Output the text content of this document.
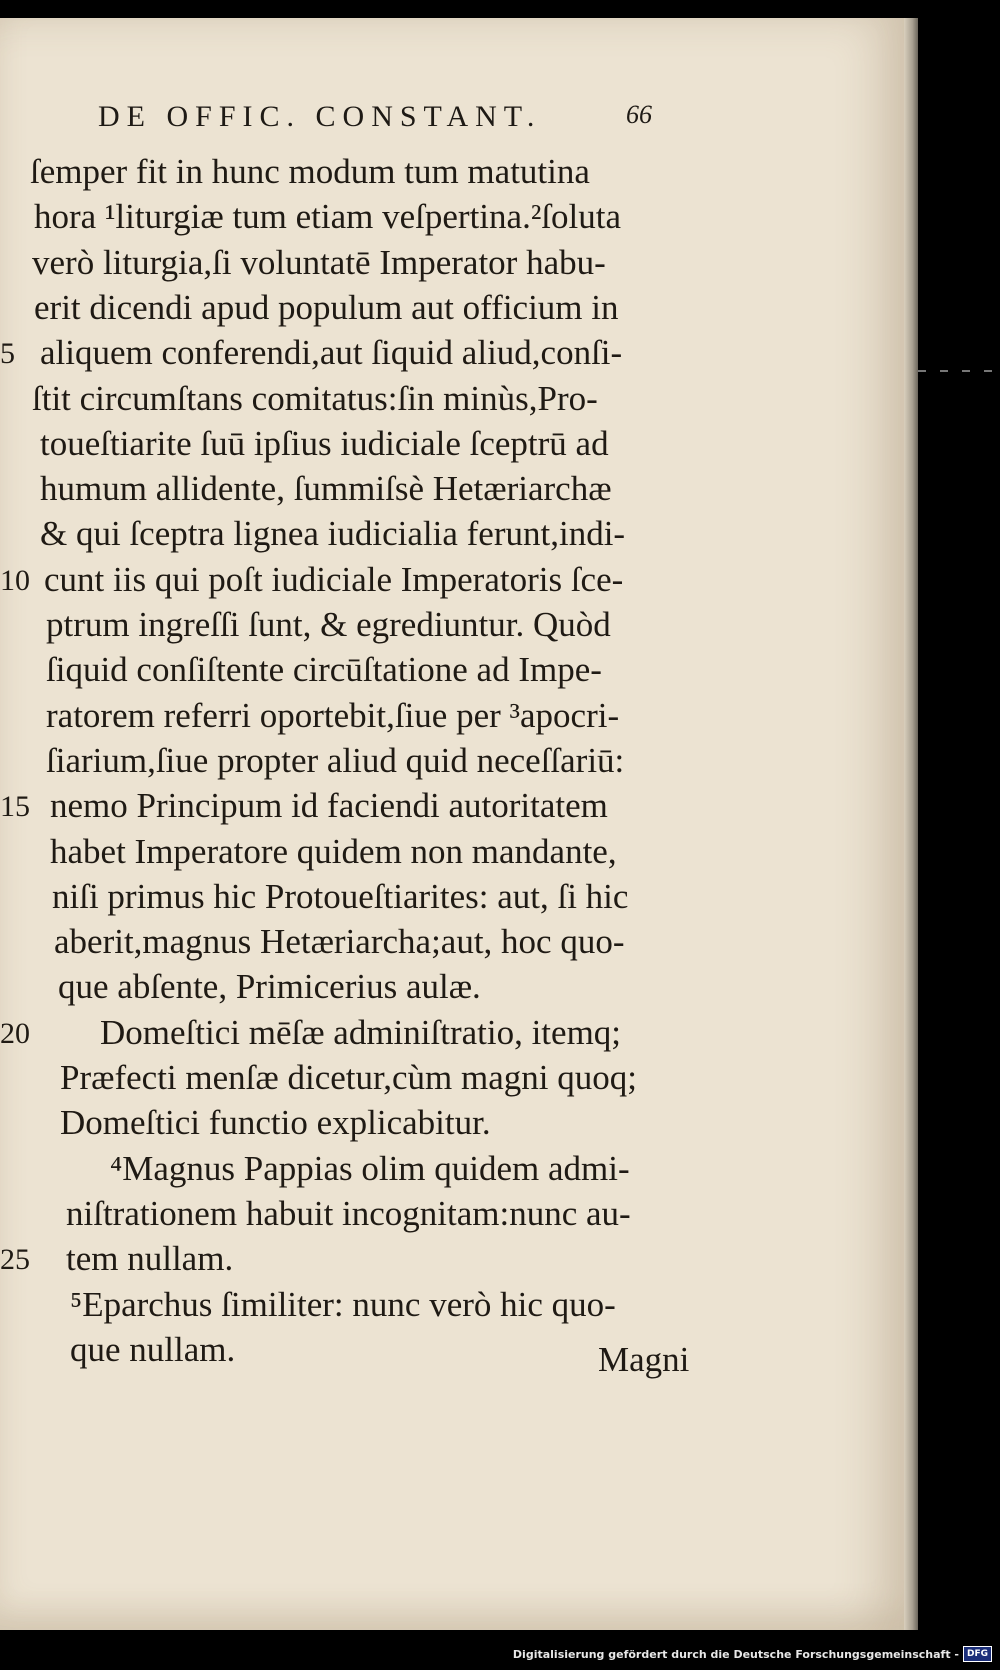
DE OFFIC. CONSTANT.	66
ſemper fit in hunc modum tum matutina
hora ¹liturgiæ tum etiam veſpertina.²ſoluta
verò liturgia,ſi voluntatē Imperator habu-
erit dicendi apud populum aut officium in
aliquem conferendi,aut ſiquid aliud,conſi-
ſtit circumſtans comitatus:ſin minùs,Pro-
toueſtiarite ſuū ipſius iudiciale ſceptrū ad
humum allidente, ſummiſsè Hetæriarchæ
& qui ſceptra lignea iudicialia ferunt,indi-
cunt iis qui poſt iudiciale Imperatoris ſce-
ptrum ingreſſi ſunt, & egrediuntur. Quòd
ſiquid conſiſtente circūſtatione ad Impe-
ratorem referri oportebit,ſiue per ³apocri-
ſiarium,ſiue propter aliud quid neceſſariū:
nemo Principum id faciendi autoritatem
habet Imperatore quidem non mandante,
niſi primus hic Protoueſtiarites: aut, ſi hic
aberit,magnus Hetæriarcha;aut, hoc quo-
que abſente, Primicerius aulæ.
Domeſtici mēſæ adminiſtratio, itemq;
Præfecti menſæ dicetur,cùm magni quoq;
Domeſtici functio explicabitur.
⁴Magnus Pappias olim quidem admi-
niſtrationem habuit incognitam:nunc au-
tem nullam.
⁵Eparchus ſimiliter: nunc verò hic quo-
que nullam.	Magni
Digitalisierung gefördert durch die Deutsche Forschungsgemeinschaft - DFG
5
10
15
20
25
